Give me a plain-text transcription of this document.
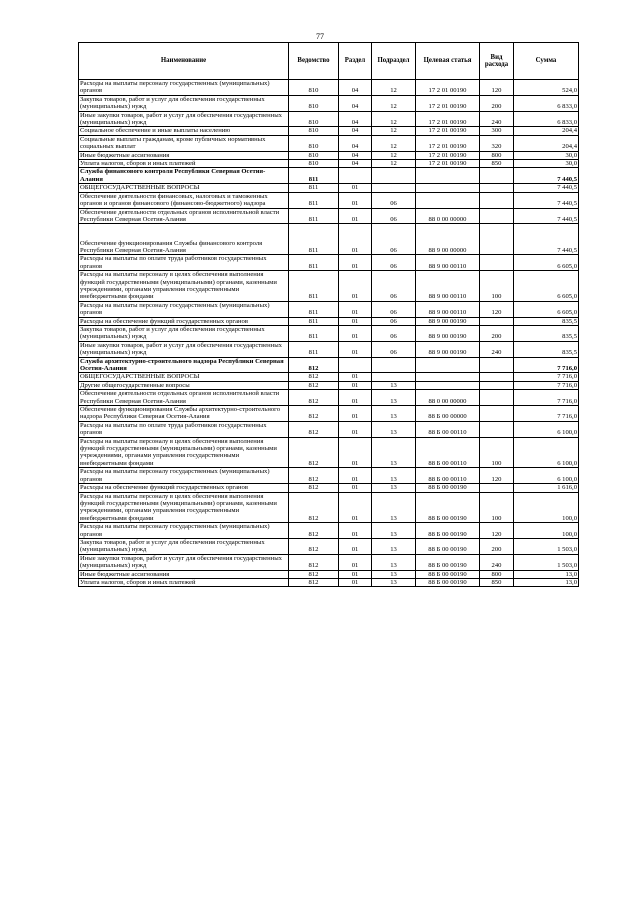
77
Наименование	Ведомство	Раздел	Подраздел	Целевая статья	Вид расхода	Сумма
Расходы на выплаты персоналу государственных (муниципальных) органов	810	04	12	17 2 01 00190	120	524,0
Закупка товаров, работ и услуг для обеспечения государственных (муниципальных) нужд	810	04	12	17 2 01 00190	200	6 833,0
Иные закупки товаров, работ и услуг для обеспечения государственных (муниципальных) нужд	810	04	12	17 2 01 00190	240	6 833,0
Социальное обеспечение и иные выплаты населению	810	04	12	17 2 01 00190	300	204,4
Социальные выплаты гражданам, кроме публичных нормативных социальных выплат	810	04	12	17 2 01 00190	320	204,4
Иные бюджетные ассигнования	810	04	12	17 2 01 00190	800	30,0
Уплата налогов, сборов и иных платежей	810	04	12	17 2 01 00190	850	30,0
Служба финансового контроля Республики Северная Осетия-Алания	811					7 440,5
ОБЩЕГОСУДАРСТВЕННЫЕ ВОПРОСЫ	811	01				7 440,5
Обеспечение деятельности финансовых, налоговых и таможенных органов и органов финансового (финансово-бюджетного) надзора	811	01	06			7 440,5
Обеспечение деятельности отдельных органов исполнительной власти Республики Северная Осетия-Алания	811	01	06	88 0 00 00000		7 440,5
Обеспечение функционирования Службы финансового контроля Республики Северная Осетия-Алания	811	01	06	88 9 00 00000		7 440,5
Расходы на выплаты по оплате труда работников государственных органов	811	01	06	88 9 00 00110		6 605,0
Расходы на выплаты персоналу в целях обеспечения выполнения функций государственными (муниципальными) органами, казенными учреждениями, органами управления государственными внебюджетными фондами	811	01	06	88 9 00 00110	100	6 605,0
Расходы на выплаты персоналу государственных (муниципальных) органов	811	01	06	88 9 00 00110	120	6 605,0
Расходы на обеспечение функций государственных органов	811	01	06	88 9 00 00190		835,5
Закупка товаров, работ и услуг для обеспечения государственных (муниципальных) нужд	811	01	06	88 9 00 00190	200	835,5
Иные закупки товаров, работ и услуг для обеспечения государственных (муниципальных) нужд	811	01	06	88 9 00 00190	240	835,5
Служба архитектурно-строительного надзора Республики Северная Осетия-Алания	812					7 716,0
ОБЩЕГОСУДАРСТВЕННЫЕ ВОПРОСЫ	812	01				7 716,0
Другие общегосударственные вопросы	812	01	13			7 716,0
Обеспечение деятельности отдельных органов исполнительной власти Республики Северная Осетия-Алания	812	01	13	88 0 00 00000		7 716,0
Обеспечение функционирования Службы архитектурно-строительного надзора Республики Северная Осетия-Алания	812	01	13	88 Б 00 00000		7 716,0
Расходы на выплаты по оплате труда работников государственных органов	812	01	13	88 Б 00 00110		6 100,0
Расходы на выплаты персоналу в целях обеспечения выполнения функций государственными (муниципальными) органами, казенными учреждениями, органами управления государственными внебюджетными фондами	812	01	13	88 Б 00 00110	100	6 100,0
Расходы на выплаты персоналу государственных (муниципальных) органов	812	01	13	88 Б 00 00110	120	6 100,0
Расходы на обеспечение функций государственных органов	812	01	13	88 Б 00 00190		1 616,0
Расходы на выплаты персоналу в целях обеспечения выполнения функций государственными (муниципальными) органами, казенными учреждениями, органами управления государственными внебюджетными фондами	812	01	13	88 Б 00 00190	100	100,0
Расходы на выплаты персоналу государственных (муниципальных) органов	812	01	13	88 Б 00 00190	120	100,0
Закупка товаров, работ и услуг для обеспечения государственных (муниципальных) нужд	812	01	13	88 Б 00 00190	200	1 503,0
Иные закупки товаров, работ и услуг для обеспечения государственных (муниципальных) нужд	812	01	13	88 Б 00 00190	240	1 503,0
Иные бюджетные ассигнования	812	01	13	88 Б 00 00190	800	13,0
Уплата налогов, сборов и иных платежей	812	01	13	88 Б 00 00190	850	13,0
